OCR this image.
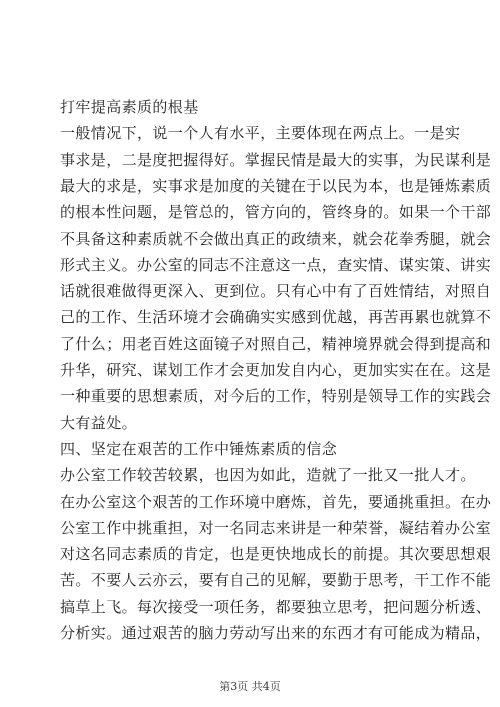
打牢提高素质的根基
一般情况下，说一个人有水平，主要体现在两点上。一是实
事求是，二是度把握得好。掌握民情是最大的实事，为民谋利是
最大的求是，实事求是加度的关键在于以民为本，也是锤炼素质
的根本性问题，是管总的，管方向的，管终身的。如果一个干部
不具备这种素质就不会做出真正的政绩来，就会花拳秀腿，就会
形式主义。办公室的同志不注意这一点，查实情、谋实策、讲实
话就很难做得更深入、更到位。只有心中有了百姓情结，对照自
己的工作、生活环境才会确确实实感到优越，再苦再累也就算不
了什么；用老百姓这面镜子对照自己，精神境界就会得到提高和
升华，研究、谋划工作才会更加发自内心，更加实实在在。这是
一种重要的思想素质，对今后的工作，特别是领导工作的实践会
大有益处。
四、坚定在艰苦的工作中锤炼素质的信念
办公室工作较苦较累，也因为如此，造就了一批又一批人才。
在办公室这个艰苦的工作环境中磨炼，首先，要通挑重担。在办
公室工作中挑重担，对一名同志来讲是一种荣誉，凝结着办公室
对这名同志素质的肯定，也是更快地成长的前提。其次要思想艰
苦。不要人云亦云，要有自己的见解，要勤于思考，干工作不能
搞草上飞。每次接受一项任务，都要独立思考，把问题分析透、
分析实。通过艰苦的脑力劳动写出来的东西才有可能成为精品，
第3页 共4页
